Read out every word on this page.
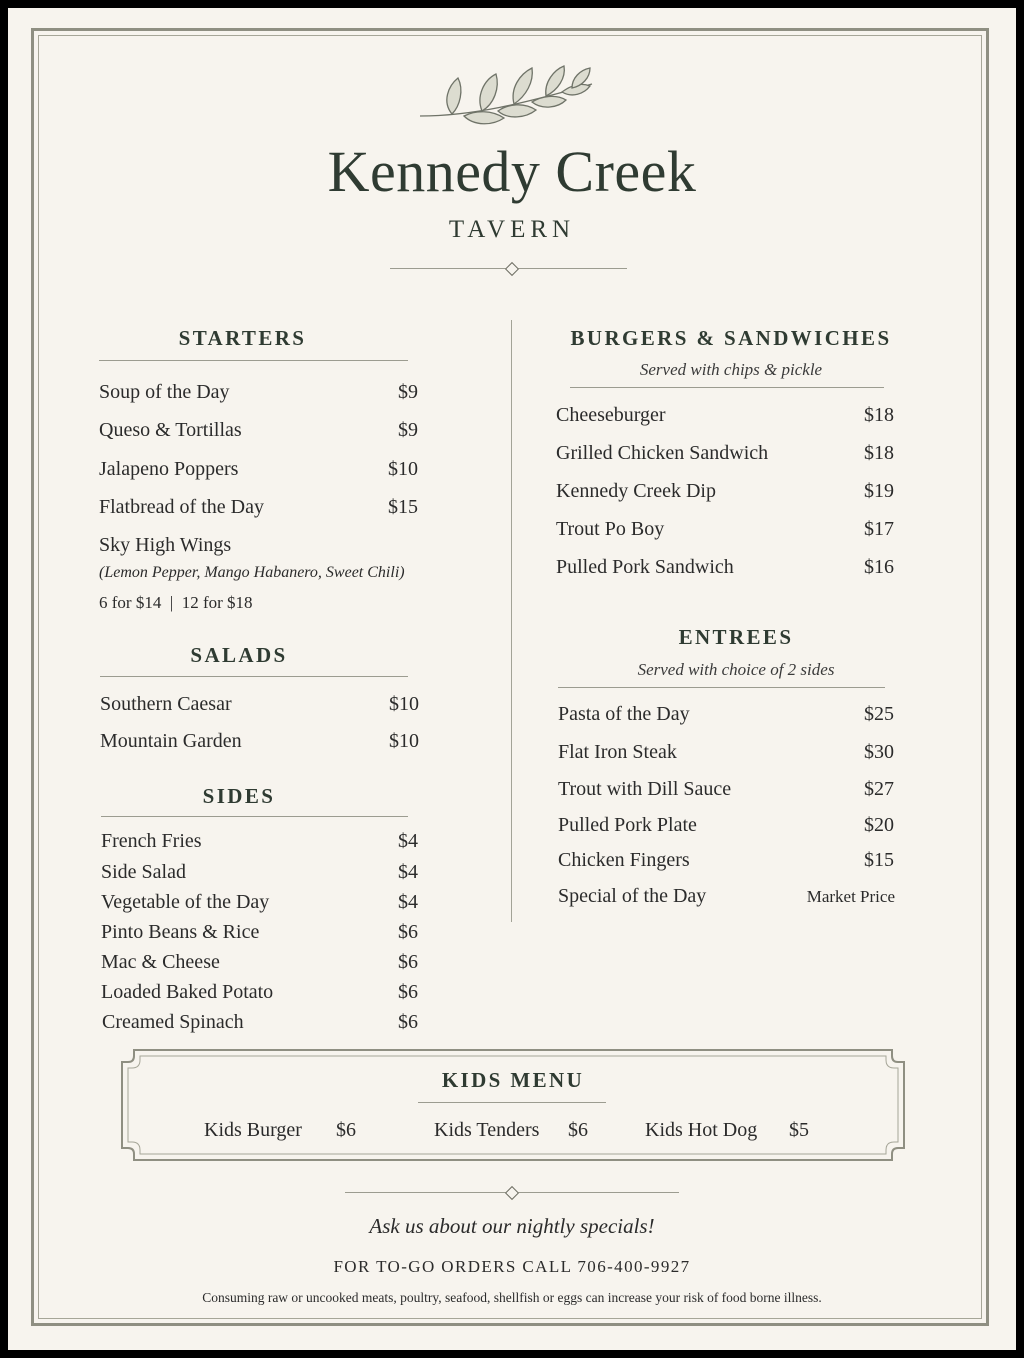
Kennedy Creek
TAVERN
STARTERS
Soup of the Day	$9
Queso & Tortillas	$9
Jalapeno Poppers	$10
Flatbread of the Day	$15
Sky High Wings
(Lemon Pepper, Mango Habanero, Sweet Chili)
6 for $14  |  12 for $18
SALADS
Southern Caesar	$10
Mountain Garden	$10
SIDES
French Fries	$4
Side Salad	$4
Vegetable of the Day	$4
Pinto Beans & Rice	$6
Mac & Cheese	$6
Loaded Baked Potato	$6
Creamed Spinach	$6
BURGERS & SANDWICHES
Served with chips & pickle
Cheeseburger	$18
Grilled Chicken Sandwich	$18
Kennedy Creek Dip	$19
Trout Po Boy	$17
Pulled Pork Sandwich	$16
ENTREES
Served with choice of 2 sides
Pasta of the Day	$25
Flat Iron Steak	$30
Trout with Dill Sauce	$27
Pulled Pork Plate	$20
Chicken Fingers	$15
Special of the Day	Market Price
KIDS MENU
Kids Burger $6	Kids Tenders $6	Kids Hot Dog $5
Ask us about our nightly specials!
FOR TO-GO ORDERS CALL 706-400-9927
Consuming raw or uncooked meats, poultry, seafood, shellfish or eggs can increase your risk of food borne illness.
